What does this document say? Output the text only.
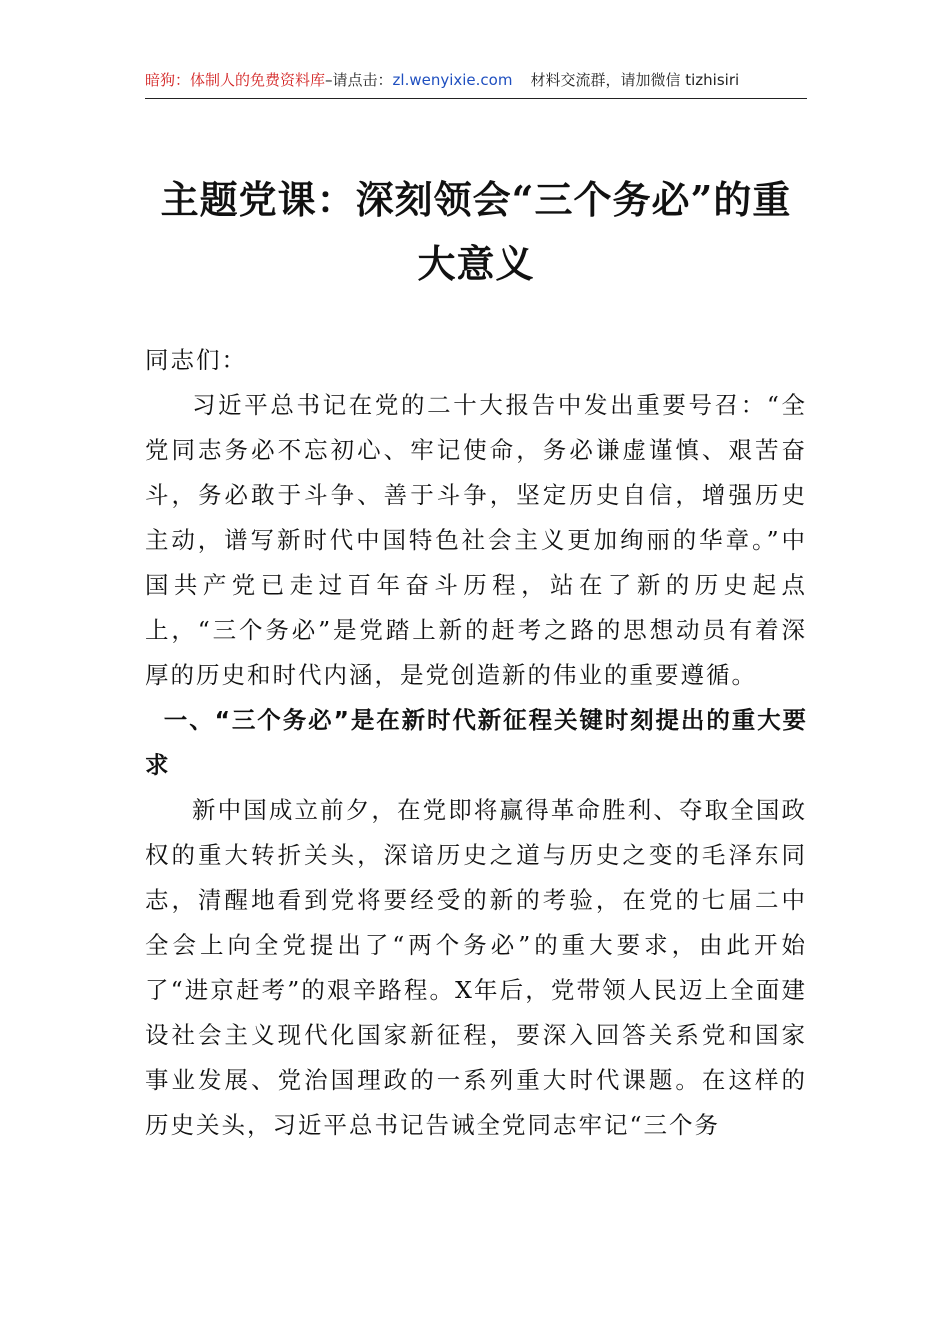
暗狗：体制人的免费资料库–请点击：zl.wenyixie.com 材料交流群，请加微信 tizhisiri
主题党课：深刻领会“三个务必”的重大意义

同志们：

习近平总书记在党的二十大报告中发出重要号召：“全党同志务必不忘初心、牢记使命，务必谦虚谨慎、艰苦奋斗，务必敢于斗争、善于斗争，坚定历史自信，增强历史主动，谱写新时代中国特色社会主义更加绚丽的华章。”中国共产党已走过百年奋斗历程，站在了新的历史起点上，“三个务必”是党踏上新的赶考之路的思想动员有着深厚的历史和时代内涵，是党创造新的伟业的重要遵循。

一、“三个务必”是在新时代新征程关键时刻提出的重大要求

新中国成立前夕，在党即将赢得革命胜利、夺取全国政权的重大转折关头，深谙历史之道与历史之变的毛泽东同志，清醒地看到党将要经受的新的考验，在党的七届二中全会上向全党提出了“两个务必”的重大要求，由此开始了“进京赶考”的艰辛路程。X年后，党带领人民迈上全面建设社会主义现代化国家新征程，要深入回答关系党和国家事业发展、党治国理政的一系列重大时代课题。在这样的历史关头，习近平总书记告诫全党同志牢记“三个务
